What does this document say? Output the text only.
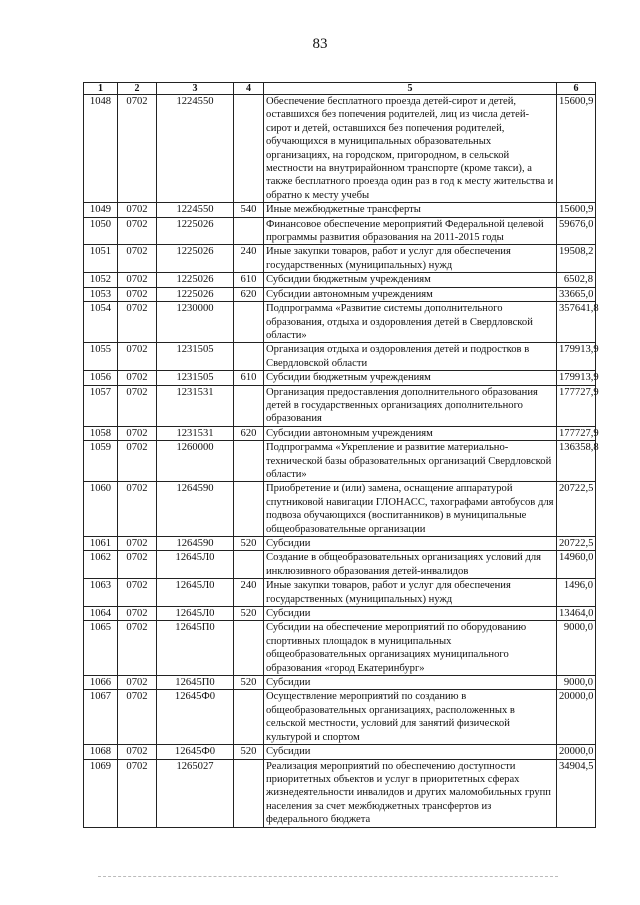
83
1	2	3	4	5	6
1048	0702	1224550		Обеспечение бесплатного проезда детей-сирот и детей, оставшихся без попечения родителей, лиц из числа детей-сирот и детей, оставшихся без попечения родителей, обучающихся в муниципальных образовательных организациях, на городском, пригородном, в сельской местности на внутрирайонном транспорте (кроме такси), а также бесплатного проезда один раз в год к месту жительства и обратно к месту учебы	15600,9
1049	0702	1224550	540	Иные межбюджетные трансферты	15600,9
1050	0702	1225026		Финансовое обеспечение мероприятий Федеральной целевой программы развития образования на 2011-2015 годы	59676,0
1051	0702	1225026	240	Иные закупки товаров, работ и услуг для обеспечения государственных (муниципальных) нужд	19508,2
1052	0702	1225026	610	Субсидии бюджетным учреждениям	6502,8
1053	0702	1225026	620	Субсидии автономным учреждениям	33665,0
1054	0702	1230000		Подпрограмма «Развитие системы дополнительного образования, отдыха и оздоровления детей в Свердловской области»	357641,8
1055	0702	1231505		Организация отдыха и оздоровления детей и подростков в Свердловской области	179913,9
1056	0702	1231505	610	Субсидии бюджетным учреждениям	179913,9
1057	0702	1231531		Организация предоставления дополнительного образования детей в государственных организациях дополнительного образования	177727,9
1058	0702	1231531	620	Субсидии автономным учреждениям	177727,9
1059	0702	1260000		Подпрограмма «Укрепление и развитие материально-технической базы образовательных организаций Свердловской области»	136358,8
1060	0702	1264590		Приобретение и (или) замена, оснащение аппаратурой спутниковой навигации ГЛОНАСС, тахографами автобусов для подвоза обучающихся (воспитанников) в муниципальные общеобразовательные организации	20722,5
1061	0702	1264590	520	Субсидии	20722,5
1062	0702	12645Л0		Создание в общеобразовательных организациях условий для инклюзивного образования детей-инвалидов	14960,0
1063	0702	12645Л0	240	Иные закупки товаров, работ и услуг для обеспечения государственных (муниципальных) нужд	1496,0
1064	0702	12645Л0	520	Субсидии	13464,0
1065	0702	12645П0		Субсидии на обеспечение мероприятий по оборудованию спортивных площадок в муниципальных общеобразовательных организациях муниципального образования «город Екатеринбург»	9000,0
1066	0702	12645П0	520	Субсидии	9000,0
1067	0702	12645Ф0		Осуществление мероприятий по созданию в общеобразовательных организациях, расположенных в сельской местности, условий для занятий физической культурой и спортом	20000,0
1068	0702	12645Ф0	520	Субсидии	20000,0
1069	0702	1265027		Реализация мероприятий по обеспечению доступности приоритетных объектов и услуг в приоритетных сферах жизнедеятельности инвалидов и других маломобильных групп населения за счет межбюджетных трансфертов из федерального бюджета	34904,5
